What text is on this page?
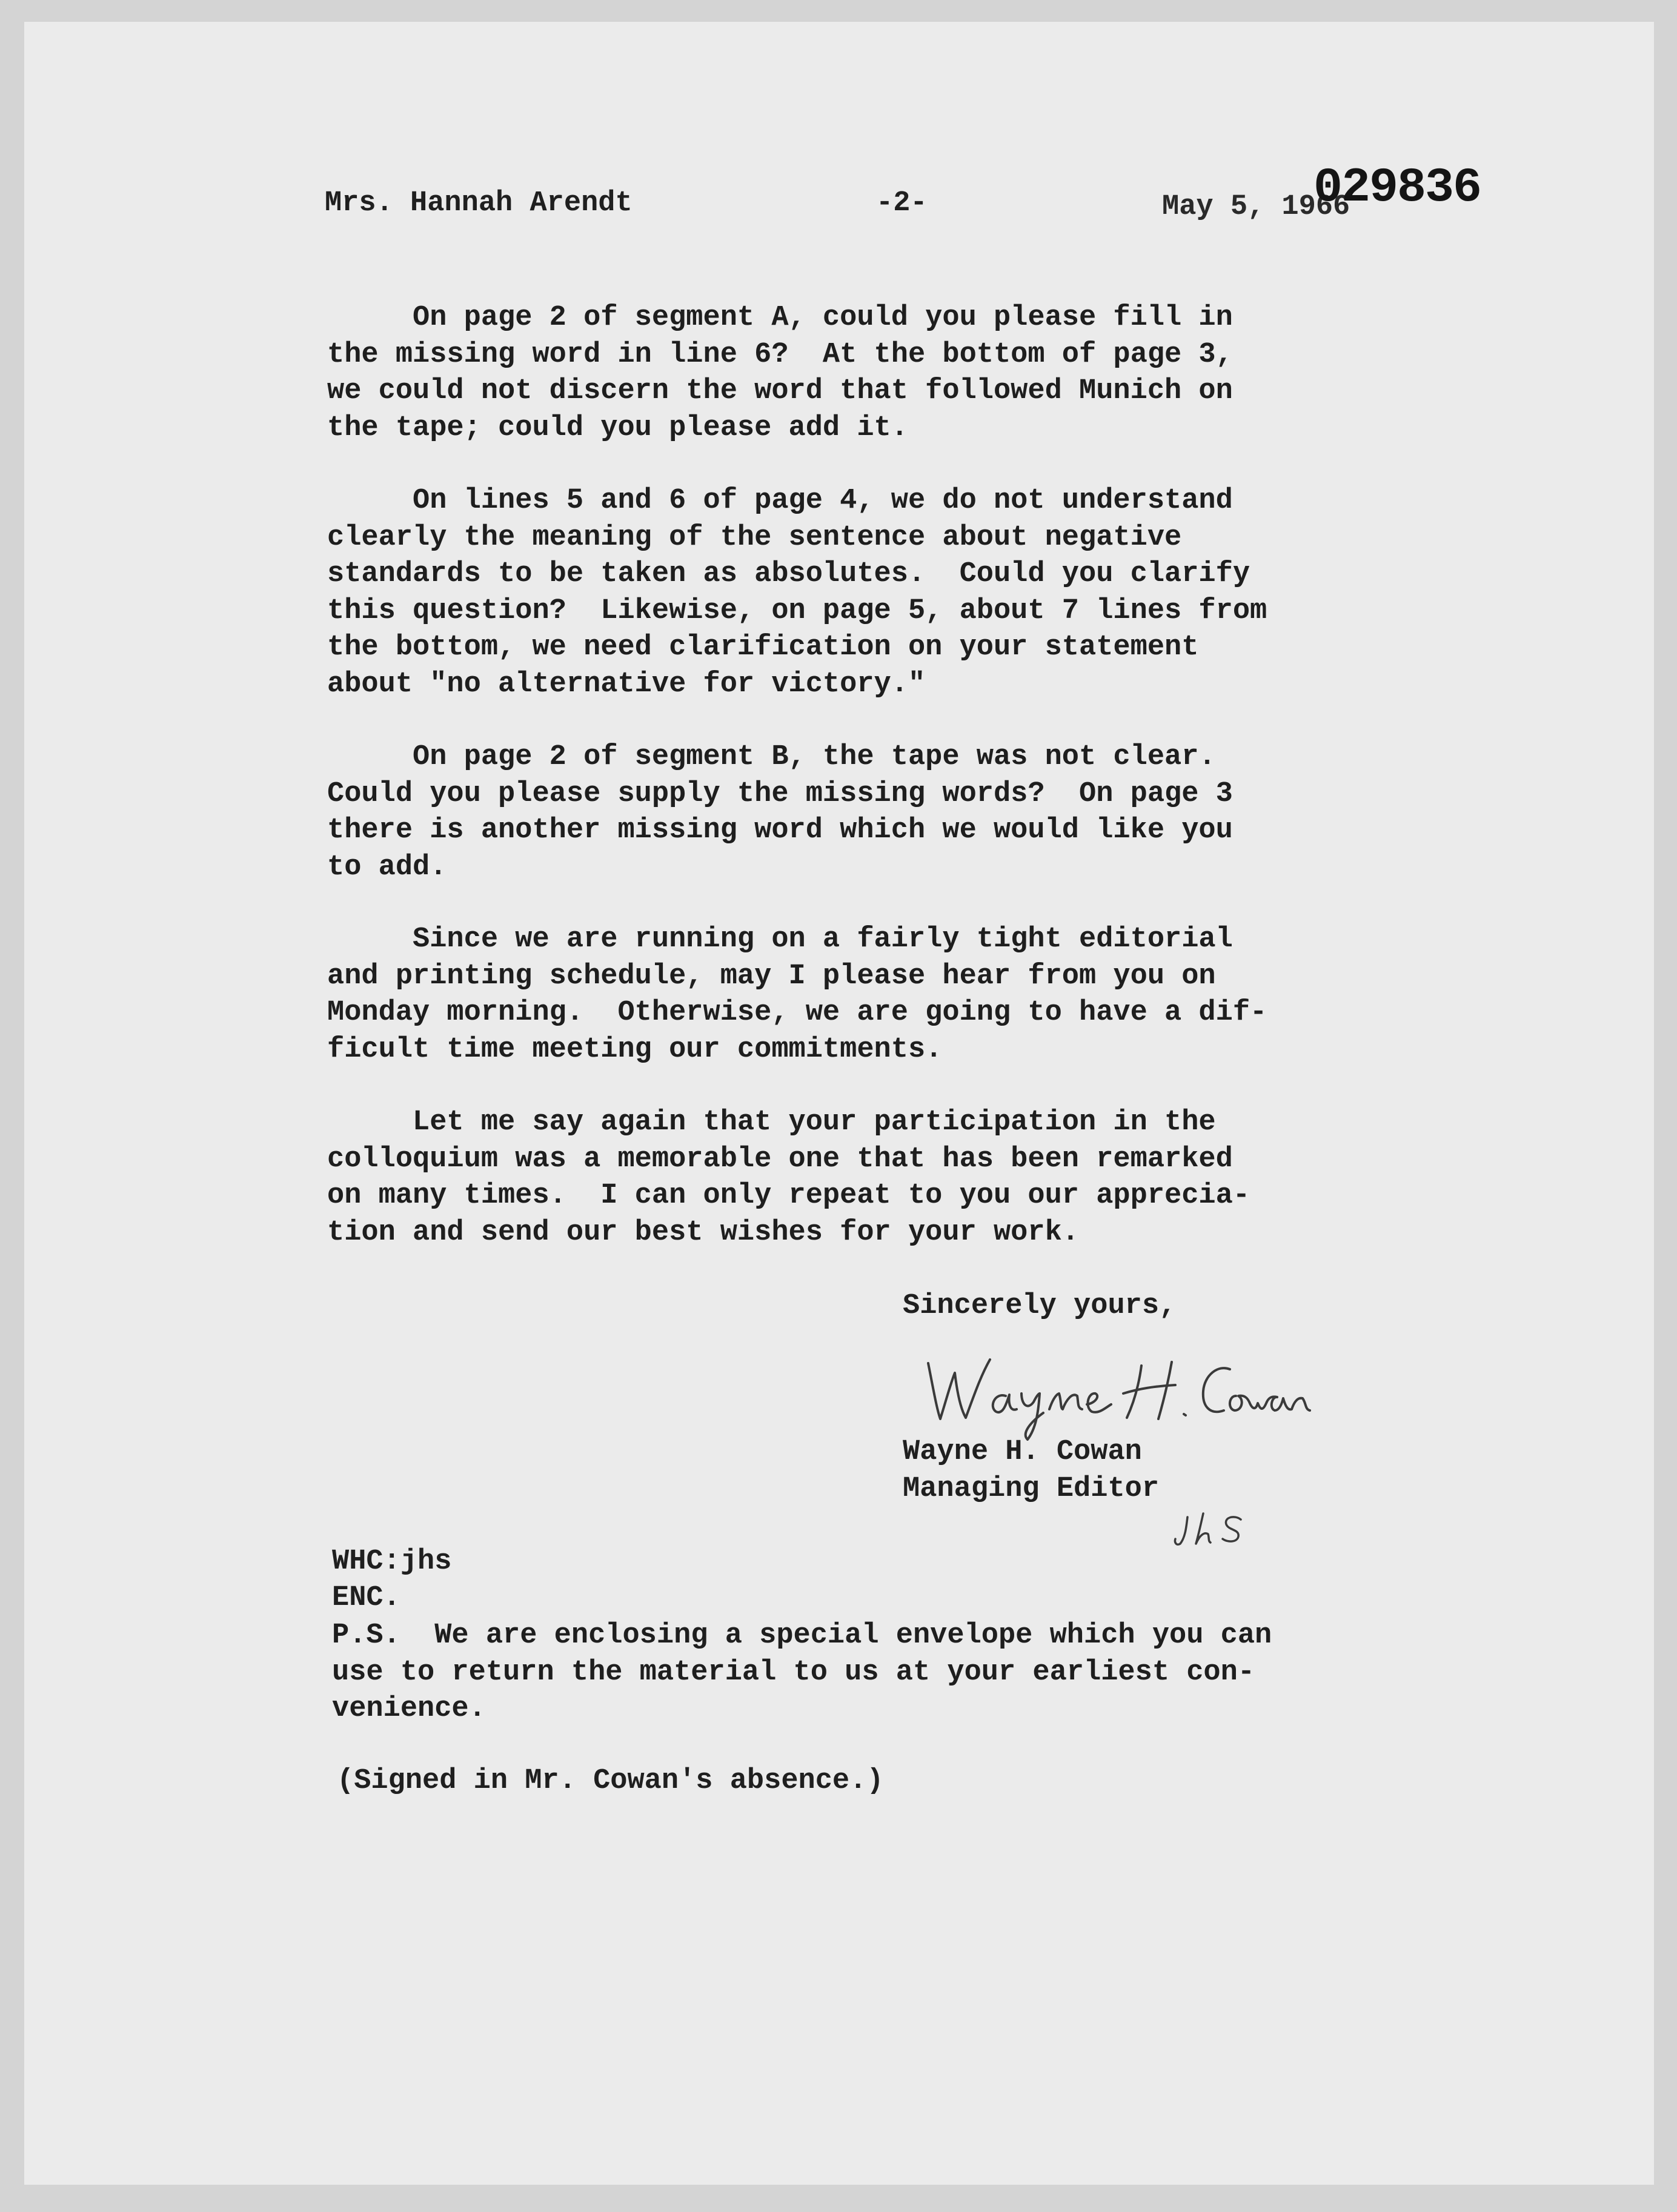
Mrs. Hannah Arendt	-2-	May 5, 1966
029836
On page 2 of segment A, could you please fill in
the missing word in line 6?  At the bottom of page 3,
we could not discern the word that followed Munich on
the tape; could you please add it.
On lines 5 and 6 of page 4, we do not understand
clearly the meaning of the sentence about negative
standards to be taken as absolutes.  Could you clarify
this question?  Likewise, on page 5, about 7 lines from
the bottom, we need clarification on your statement
about "no alternative for victory."
On page 2 of segment B, the tape was not clear.
Could you please supply the missing words?  On page 3
there is another missing word which we would like you
to add.
Since we are running on a fairly tight editorial
and printing schedule, may I please hear from you on
Monday morning.  Otherwise, we are going to have a dif-
ficult time meeting our commitments.
Let me say again that your participation in the
colloquium was a memorable one that has been remarked
on many times.  I can only repeat to you our apprecia-
tion and send our best wishes for your work.
Sincerely yours,
Wayne H. Cowan
Managing Editor
WHC:jhs
ENC.
P.S.  We are enclosing a special envelope which you can
use to return the material to us at your earliest con-
venience.
(Signed in Mr. Cowan's absence.)
